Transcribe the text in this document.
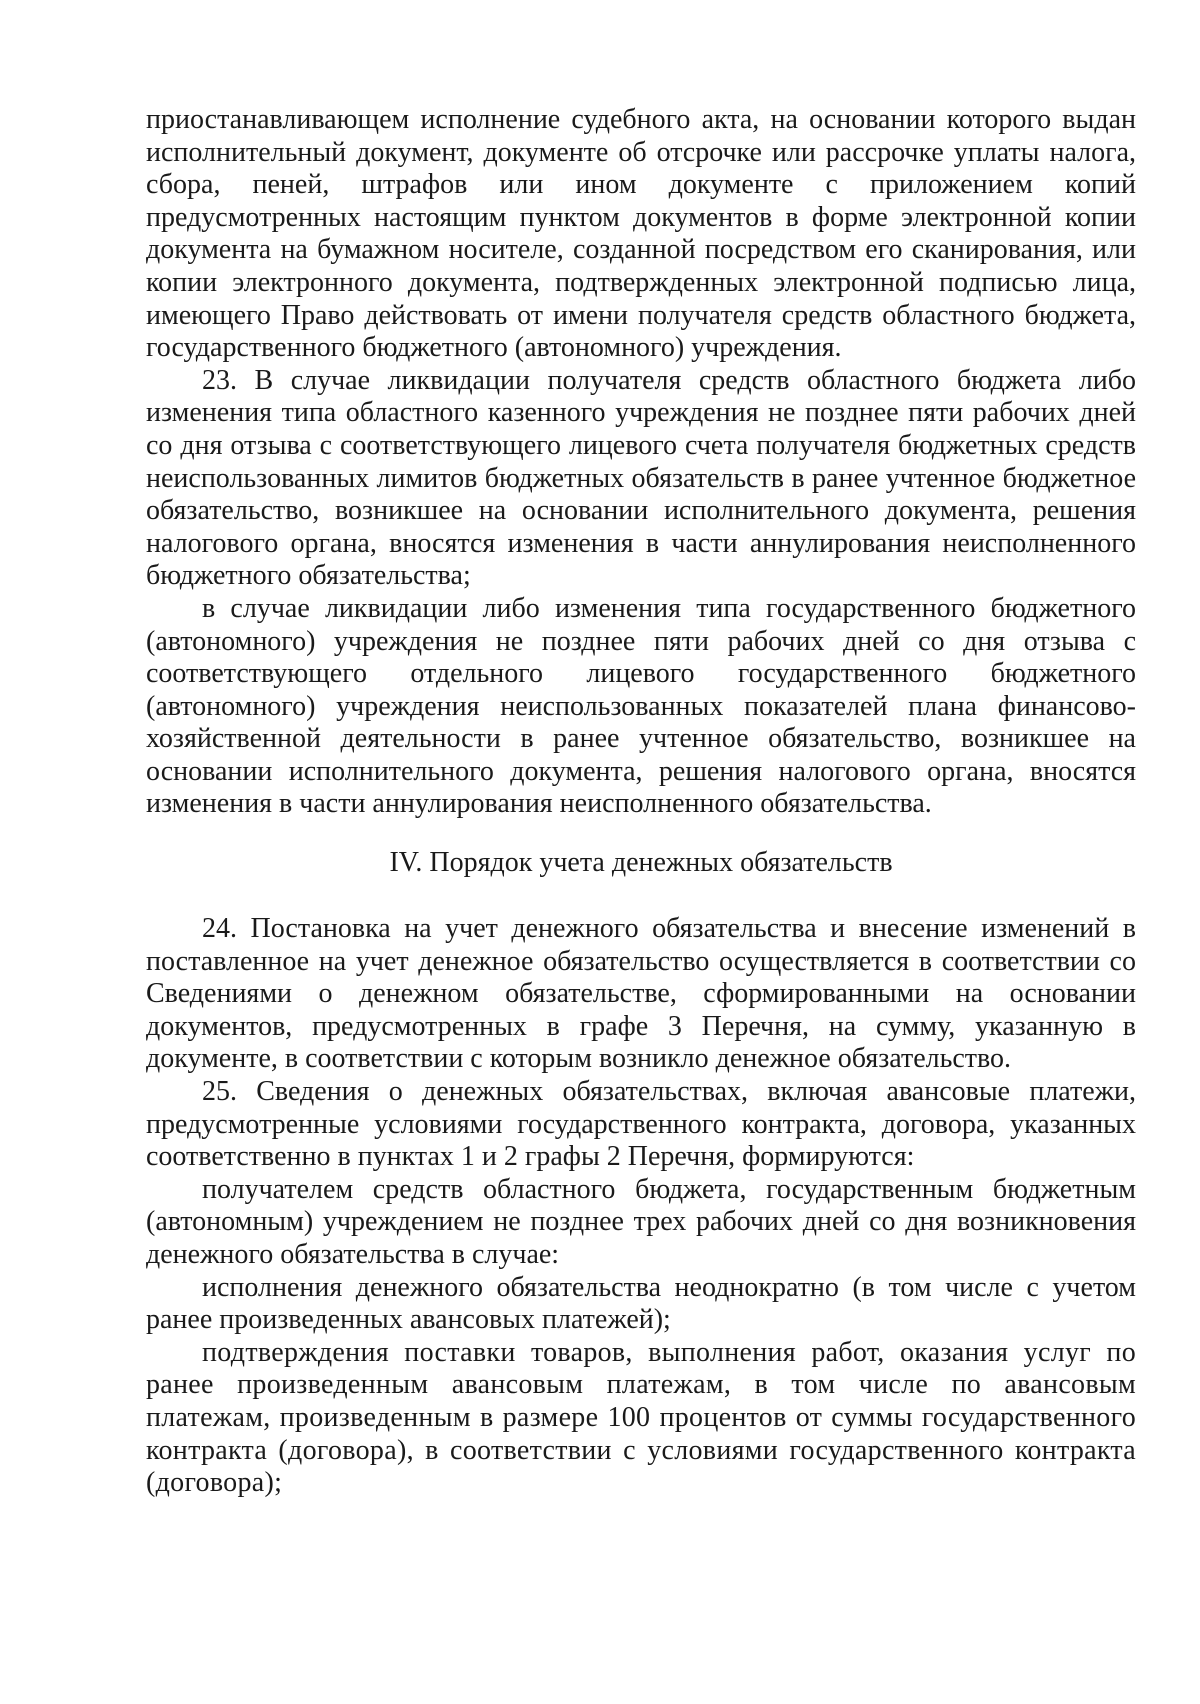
приостанавливающем исполнение судебного акта, на основании которого выдан исполнительный документ, документе об отсрочке или рассрочке уплаты налога, сбора, пеней, штрафов или ином документе с приложением копий предусмотренных настоящим пунктом документов в форме электронной копии документа на бумажном носителе, созданной посредством его сканирования, или копии электронного документа, подтвержденных электронной подписью лица, имеющего Право действовать от имени получателя средств областного бюджета, государственного бюджетного (автономного) учреждения.

23. В случае ликвидации получателя средств областного бюджета либо изменения типа областного казенного учреждения не позднее пяти рабочих дней со дня отзыва с соответствующего лицевого счета получателя бюджетных средств неиспользованных лимитов бюджетных обязательств в ранее учтенное бюджетное обязательство, возникшее на основании исполнительного документа, решения налогового органа, вносятся изменения в части аннулирования неисполненного бюджетного обязательства;

в случае ликвидации либо изменения типа государственного бюджетного (автономного) учреждения не позднее пяти рабочих дней со дня отзыва с соответствующего отдельного лицевого государственного бюджетного (автономного) учреждения неиспользованных показателей плана финансово-хозяйственной деятельности в ранее учтенное обязательство, возникшее на основании исполнительного документа, решения налогового органа, вносятся изменения в части аннулирования неисполненного обязательства.

IV. Порядок учета денежных обязательств

24. Постановка на учет денежного обязательства и внесение изменений в поставленное на учет денежное обязательство осуществляется в соответствии со Сведениями о денежном обязательстве, сформированными на основании документов, предусмотренных в графе 3 Перечня, на сумму, указанную в документе, в соответствии с которым возникло денежное обязательство.

25. Сведения о денежных обязательствах, включая авансовые платежи, предусмотренные условиями государственного контракта, договора, указанных соответственно в пунктах 1 и 2 графы 2 Перечня, формируются:

получателем средств областного бюджета, государственным бюджетным (автономным) учреждением не позднее трех рабочих дней со дня возникновения денежного обязательства в случае:

исполнения денежного обязательства неоднократно (в том числе с учетом ранее произведенных авансовых платежей);

подтверждения поставки товаров, выполнения работ, оказания услуг по ранее произведенным авансовым платежам, в том числе по авансовым платежам, произведенным в размере 100 процентов от суммы государственного контракта (договора), в соответствии с условиями государственного контракта (договора);
